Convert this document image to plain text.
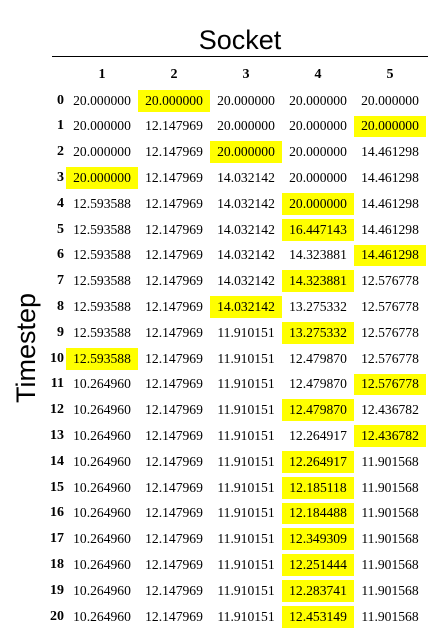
Socket
Timestep
1	2	3	4	5
0 20.000000	20.000000	20.000000	20.000000	20.000000
1 20.000000	12.147969	20.000000	20.000000	20.000000
2 20.000000	12.147969	20.000000	20.000000	14.461298
3 20.000000	12.147969	14.032142	20.000000	14.461298
4 12.593588	12.147969	14.032142	20.000000	14.461298
5 12.593588	12.147969	14.032142	16.447143	14.461298
6 12.593588	12.147969	14.032142	14.323881	14.461298
7 12.593588	12.147969	14.032142	14.323881	12.576778
8 12.593588	12.147969	14.032142	13.275332	12.576778
9 12.593588	12.147969	11.910151	13.275332	12.576778
10 12.593588	12.147969	11.910151	12.479870	12.576778
11 10.264960	12.147969	11.910151	12.479870	12.576778
12 10.264960	12.147969	11.910151	12.479870	12.436782
13 10.264960	12.147969	11.910151	12.264917	12.436782
14 10.264960	12.147969	11.910151	12.264917	11.901568
15 10.264960	12.147969	11.910151	12.185118	11.901568
16 10.264960	12.147969	11.910151	12.184488	11.901568
17 10.264960	12.147969	11.910151	12.349309	11.901568
18 10.264960	12.147969	11.910151	12.251444	11.901568
19 10.264960	12.147969	11.910151	12.283741	11.901568
20 10.264960	12.147969	11.910151	12.453149	11.901568
